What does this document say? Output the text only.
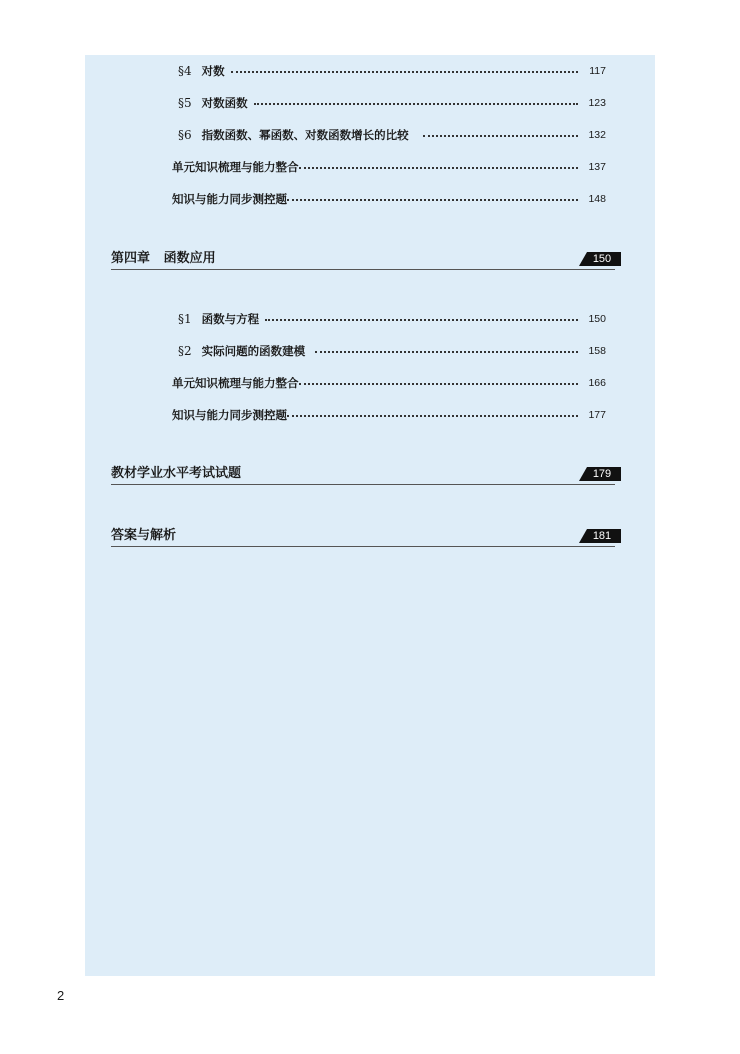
§4 对数	117
§5 对数函数	123
§6 指数函数、幂函数、对数函数增长的比较	132
单元知识梳理与能力整合	137
知识与能力同步测控题	148
第四章   函数应用	150
§1 函数与方程	150
§2 实际问题的函数建模	158
单元知识梳理与能力整合	166
知识与能力同步测控题	177
教材学业水平考试试题	179
答案与解析	181
2
